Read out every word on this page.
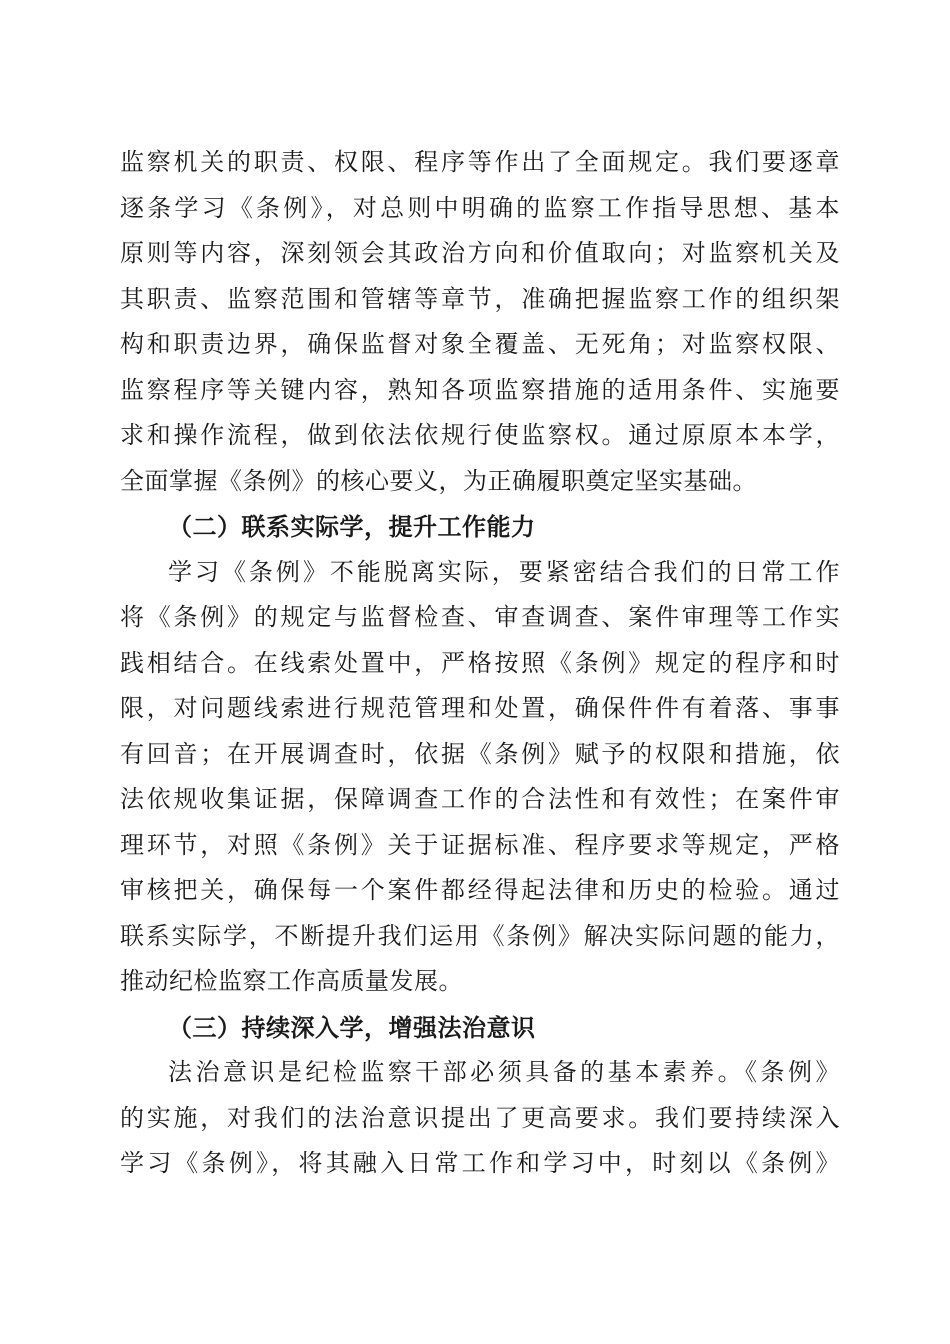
监察机关的职责、权限、程序等作出了全面规定。我们要逐章
逐条学习《条例》，对总则中明确的监察工作指导思想、基本
原则等内容，深刻领会其政治方向和价值取向；对监察机关及
其职责、监察范围和管辖等章节，准确把握监察工作的组织架
构和职责边界，确保监督对象全覆盖、无死角；对监察权限、
监察程序等关键内容，熟知各项监察措施的适用条件、实施要
求和操作流程，做到依法依规行使监察权。通过原原本本学，
全面掌握《条例》的核心要义，为正确履职奠定坚实基础。
（二）联系实际学，提升工作能力
学习《条例》不能脱离实际，要紧密结合我们的日常工作
将《条例》的规定与监督检查、审查调查、案件审理等工作实
践相结合。在线索处置中，严格按照《条例》规定的程序和时
限，对问题线索进行规范管理和处置，确保件件有着落、事事
有回音；在开展调查时，依据《条例》赋予的权限和措施，依
法依规收集证据，保障调查工作的合法性和有效性；在案件审
理环节，对照《条例》关于证据标准、程序要求等规定，严格
审核把关，确保每一个案件都经得起法律和历史的检验。通过
联系实际学，不断提升我们运用《条例》解决实际问题的能力，
推动纪检监察工作高质量发展。
（三）持续深入学，增强法治意识
法治意识是纪检监察干部必须具备的基本素养。《条例》
的实施，对我们的法治意识提出了更高要求。我们要持续深入
学习《条例》，将其融入日常工作和学习中，时刻以《条例》
